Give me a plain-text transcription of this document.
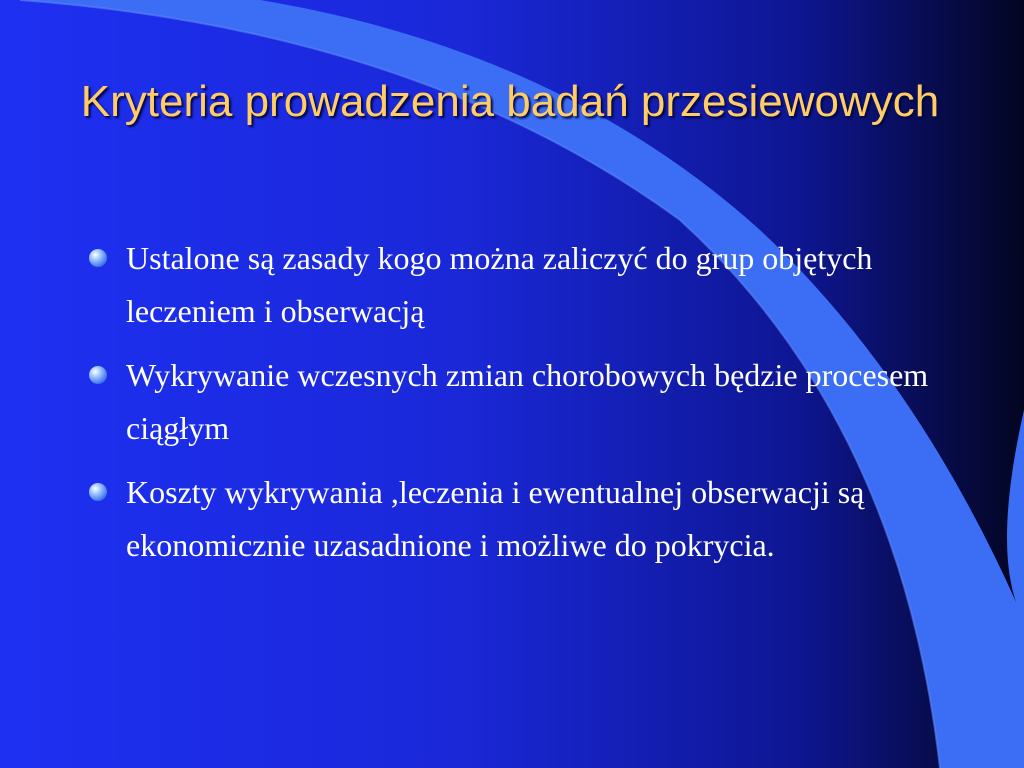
Kryteria prowadzenia badań przesiewowych
Ustalone są zasady kogo można zaliczyć do grup objętych leczeniem i obserwacją
Wykrywanie wczesnych zmian chorobowych będzie procesem ciągłym
Koszty wykrywania ,leczenia i ewentualnej obserwacji są ekonomicznie uzasadnione i możliwe do pokrycia.
